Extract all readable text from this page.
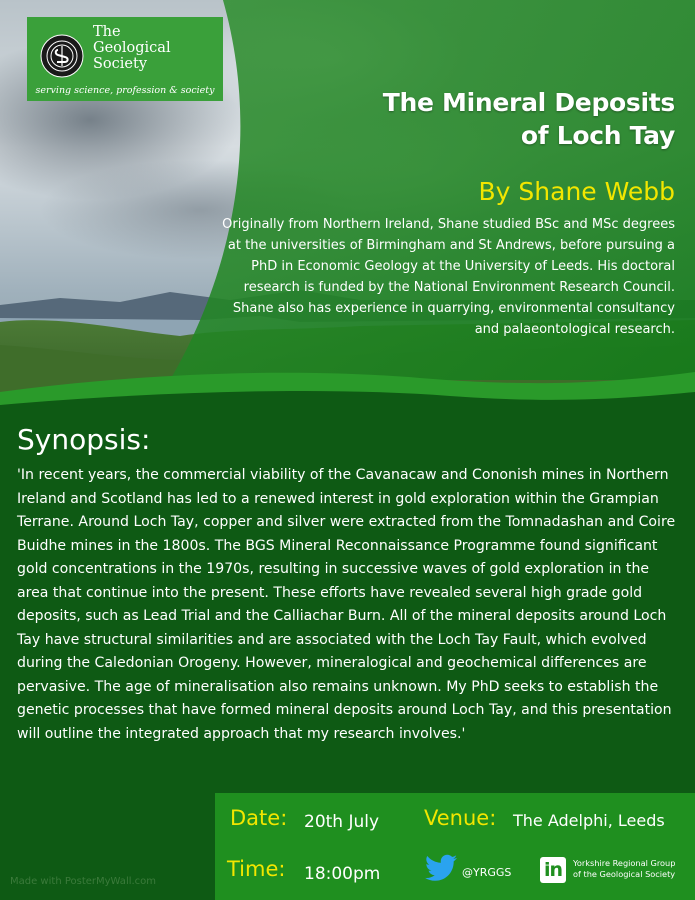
The
Geological
Society
serving science, profession & society	The Mineral Deposits
of Loch Tay
By Shane Webb
Originally from Northern Ireland, Shane studied BSc and MSc degrees at the universities of Birmingham and St Andrews, before pursuing a PhD in Economic Geology at the University of Leeds. His doctoral research is funded by the National Environment Research Council. Shane also has experience in quarrying, environmental consultancy and palaeontological research.
Synopsis:
'In recent years, the commercial viability of the Cavanacaw and Cononish mines in Northern Ireland and Scotland has led to a renewed interest in gold exploration within the Grampian Terrane. Around Loch Tay, copper and silver were extracted from the Tomnadashan and Coire Buidhe mines in the 1800s. The BGS Mineral Reconnaissance Programme found significant gold concentrations in the 1970s, resulting in successive waves of gold exploration in the area that continue into the present. These efforts have revealed several high grade gold deposits, such as Lead Trial and the Calliachar Burn. All of the mineral deposits around Loch Tay have structural similarities and are associated with the Loch Tay Fault, which evolved during the Caledonian Orogeny. However, mineralogical and geochemical differences are pervasive. The age of mineralisation also remains unknown. My PhD seeks to establish the genetic processes that have formed mineral deposits around Loch Tay, and this presentation will outline the integrated approach that my research involves.'
Date: 20th July Venue: The Adelphi, Leeds
Time: 18:00pm	@YRGGS in	Yorkshire Regional Group
of the Geological Society
Made with PosterMyWall.com
